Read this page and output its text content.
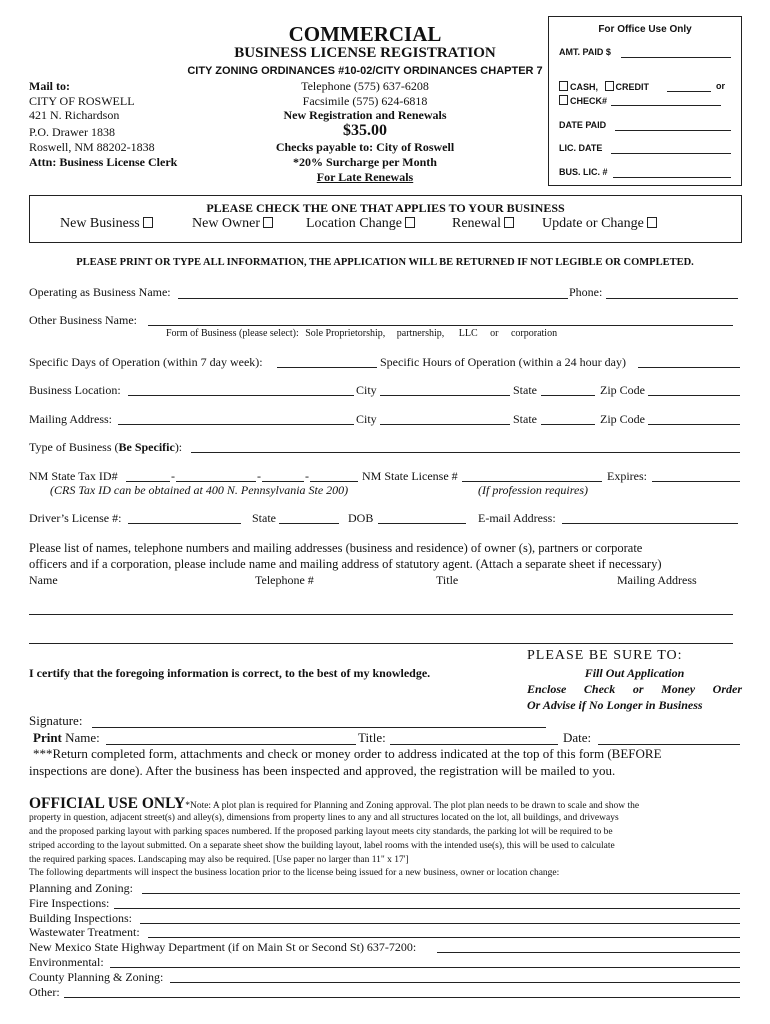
COMMERCIAL
BUSINESS LICENSE REGISTRATION
CITY ZONING ORDINANCES #10-02/CITY ORDINANCES CHAPTER 7
Telephone (575) 637-6208
Facsimile (575) 624-6818
New Registration and Renewals
$35.00
Checks payable to: City of Roswell
*20% Surcharge per Month
For Late Renewals
Mail to:
CITY OF ROSWELL
421 N. Richardson
P.O. Drawer 1838
Roswell, NM 88202-1838
Attn: Business License Clerk
For Office Use Only
AMT. PAID $
CASH, CREDIT	or
CHECK#
DATE PAID
LIC. DATE
BUS. LIC. #
PLEASE CHECK THE ONE THAT APPLIES TO YOUR BUSINESS
New Business	New Owner	Location Change	Renewal	Update or Change
PLEASE PRINT OR TYPE ALL INFORMATION, THE APPLICATION WILL BE RETURNED IF NOT LEGIBLE OR COMPLETED.
Operating as Business Name:	Phone:
Other Business Name:
Form of Business (please select): Sole Proprietorship, partnership, LLC or corporation
Specific Days of Operation (within 7 day week):	Specific Hours of Operation (within a 24 hour day)
Business Location:	City	State	Zip Code
Mailing Address:	City	State	Zip Code
Type of Business (Be Specific):
NM State Tax ID#	-	-	-	NM State License #	Expires:
(CRS Tax ID can be obtained at 400 N. Pennsylvania Ste 200)	(If profession requires)
Driver’s License #:	State	DOB	E-mail Address:
Please list of names, telephone numbers and mailing addresses (business and residence) of owner (s), partners or corporate
officers and if a corporation, please include name and mailing address of statutory agent. (Attach a separate sheet if necessary)
Name	Telephone #	Title	Mailing Address
I certify that the foregoing information is correct, to the best of my knowledge.
PLEASE BE SURE TO:
Fill Out Application
Enclose Check or Money Order
Or Advise if No Longer in Business
Signature:
Print Name:	Title:	Date:
***Return completed form, attachments and check or money order to address indicated at the top of this form (BEFORE
inspections are done). After the business has been inspected and approved, the registration will be mailed to you.
OFFICIAL USE ONLY*Note: A plot plan is required for Planning and Zoning approval. The plot plan needs to be drawn to scale and show the
property in question, adjacent street(s) and alley(s), dimensions from property lines to any and all structures located on the lot, all buildings, and driveways
and the proposed parking layout with parking spaces numbered. If the proposed parking layout meets city standards, the parking lot will be required to be
striped according to the layout submitted. On a separate sheet show the building layout, label rooms with the intended use(s), this will be used to calculate
the required parking spaces. Landscaping may also be required. [Use paper no larger than 11" x 17']
The following departments will inspect the business location prior to the license being issued for a new business, owner or location change:
Planning and Zoning:
Fire Inspections:
Building Inspections:
Wastewater Treatment:
New Mexico State Highway Department (if on Main St or Second St) 637-7200:
Environmental:
County Planning & Zoning:
Other:
